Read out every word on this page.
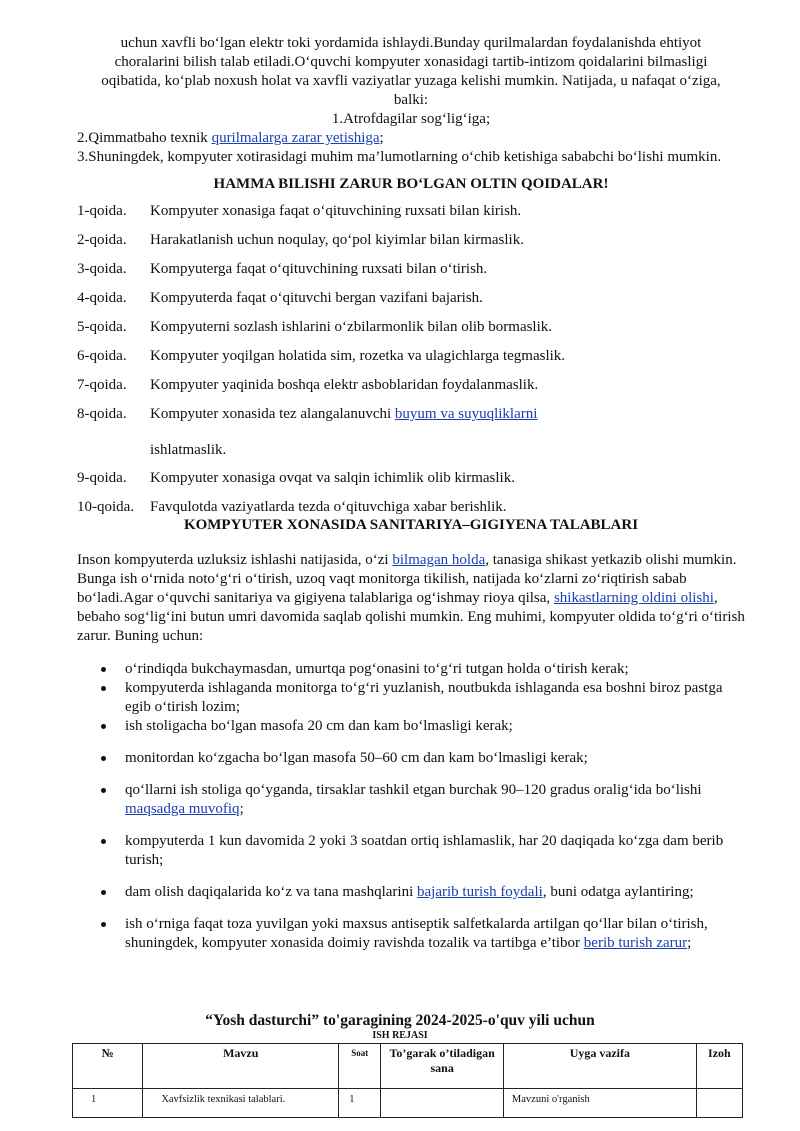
uchun xavfli bo‘lgan elektr toki yordamida ishlaydi.Bunday qurilmalardan foydalanishda ehtiyot
choralarini bilish talab etiladi.O‘quvchi kompyuter xonasidagi tartib-intizom qoidalarini bilmasligi
oqibatida, ko‘plab noxush holat va xavfli vaziyatlar yuzaga kelishi mumkin. Natijada, u nafaqat o‘ziga,
balki:
1.Atrofdagilar sog‘lig‘iga;
2.Qimmatbaho texnik qurilmalarga zarar yetishiga;
3.Shuningdek, kompyuter xotirasidagi muhim ma’lumotlarning o‘chib ketishiga sababchi bo‘lishi mumkin.
HAMMA BILISHI ZARUR BO‘LGAN OLTIN QOIDALAR!
1-qoida.	Kompyuter xonasiga faqat o‘qituvchining ruxsati bilan kirish.
2-qoida.	Harakatlanish uchun noqulay, qo‘pol kiyimlar bilan kirmaslik.
3-qoida.	Kompyuterga faqat o‘qituvchining ruxsati bilan o‘tirish.
4-qoida.	Kompyuterda faqat o‘qituvchi bergan vazifani bajarish.
5-qoida.	Kompyuterni sozlash ishlarini o‘zbilarmonlik bilan olib bormaslik.
6-qoida.	Kompyuter yoqilgan holatida sim, rozetka va ulagichlarga tegmaslik.
7-qoida.	Kompyuter yaqinida boshqa elektr asboblaridan foydalanmaslik.
8-qoida.	Kompyuter xonasida tez alangalanuvchi buyum va suyuqliklarni
ishlatmaslik.
9-qoida.	Kompyuter xonasiga ovqat va salqin ichimlik olib kirmaslik.
10-qoida.	Favqulotda vaziyatlarda tezda o‘qituvchiga xabar berishlik.
KOMPYUTER XONASIDA SANITARIYA–GIGIYENA TALABLARI

Inson kompyuterda uzluksiz ishlashi natijasida, o‘zi bilmagan holda, tanasiga shikast yetkazib olishi mumkin. Bunga ish o‘rnida noto‘g‘ri o‘tirish, uzoq vaqt monitorga tikilish, natijada ko‘zlarni zo‘riqtirish sabab bo‘ladi.Agar o‘quvchi sanitariya va gigiyena talablariga og‘ishmay rioya qilsa, shikastlarning oldini olishi, bebaho sog‘lig‘ini butun umri davomida saqlab qolishi mumkin. Eng muhimi, kompyuter oldida to‘g‘ri o‘tirish zarur. Buning uchun:

o‘rindiqda bukchaymasdan, umurtqa pog‘onasini to‘g‘ri tutgan holda o‘tirish kerak;
kompyuterda ishlaganda monitorga to‘g‘ri yuzlanish, noutbukda ishlaganda esa boshni biroz pastga egib o‘tirish lozim;
ish stoligacha bo‘lgan masofa 20 cm dan kam bo‘lmasligi kerak;
monitordan ko‘zgacha bo‘lgan masofa 50–60 cm dan kam bo‘lmasligi kerak;
qo‘llarni ish stoliga qo‘yganda, tirsaklar tashkil etgan burchak 90–120 gradus oralig‘ida bo‘lishi maqsadga muvofiq;
kompyuterda 1 kun davomida 2 yoki 3 soatdan ortiq ishlamaslik, har 20 daqiqada ko‘zga dam berib turish;
dam olish daqiqalarida ko‘z va tana mashqlarini bajarib turish foydali, buni odatga aylantiring;
ish o‘rniga faqat toza yuvilgan yoki maxsus antiseptik salfetkalarda artilgan qo‘llar bilan o‘tirish, shuningdek, kompyuter xonasida doimiy ravishda tozalik va tartibga e’tibor berib turish zarur;
“Yosh dasturchi” to'garagining 2024-2025-o'quv yili uchun
ISH REJASI
№	Mavzu	Soat	To’garak o’tiladigan sana	Uyga vazifa	Izoh
1	Xavfsizlik texnikasi talablari.	1		Mavzuni o'rganish	
